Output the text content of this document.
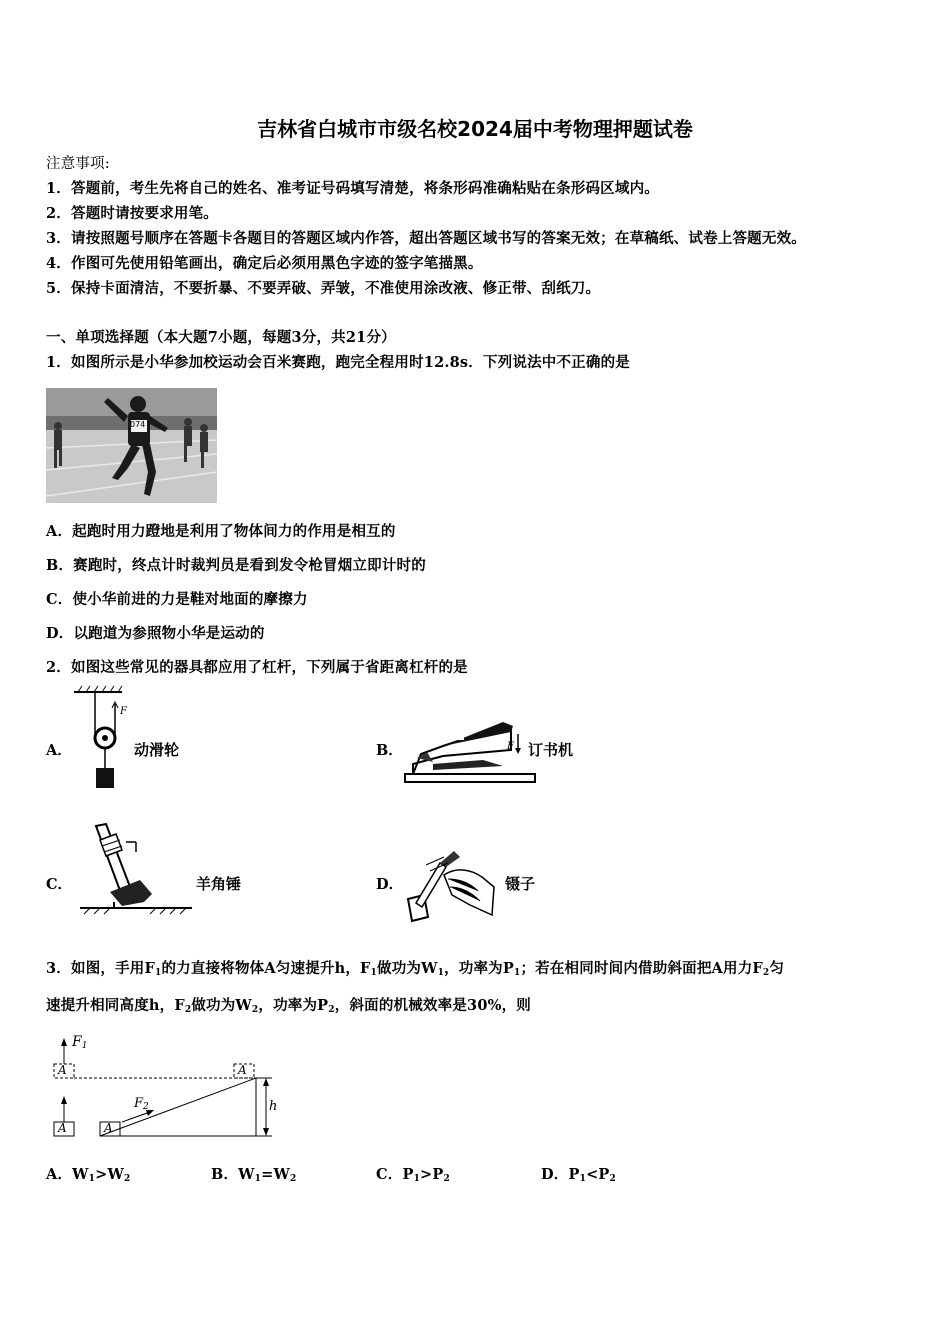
吉林省白城市市级名校2024届中考物理押题试卷
注意事项:
1．答题前，考生先将自己的姓名、准考证号码填写清楚，将条形码准确粘贴在条形码区域内。
2．答题时请按要求用笔。
3．请按照题号顺序在答题卡各题目的答题区域内作答，超出答题区域书写的答案无效；在草稿纸、试卷上答题无效。
4．作图可先使用铅笔画出，确定后必须用黑色字迹的签字笔描黑。
5．保持卡面清洁，不要折暴、不要弄破、弄皱，不准使用涂改液、修正带、刮纸刀。
一、单项选择题（本大题7小题，每题3分，共21分）
1．如图所示是小华参加校运动会百米赛跑，跑完全程用时12.8s．下列说法中不正确的是
074
A．起跑时用力蹬地是利用了物体间力的作用是相互的
B．赛跑时，终点计时裁判员是看到发令枪冒烟立即计时的
C．使小华前进的力是鞋对地面的摩擦力
D．以跑道为参照物小华是运动的
2．如图这些常见的器具都应用了杠杆，下列属于省距离杠杆的是
A．
F
动滑轮	B．	F 订书机
C．	羊角锤	D．	镊子
3．如图，手用$F_1$的力直接将物体A匀速提升h，$F_1$做功为$W_1$，功率为$P_1$；若在相同时间内借助斜面把A用力$F_2$匀
速提升相同高度h，$F_2$做功为$W_2$，功率为$P_2$，斜面的机械效率是30%，则
$F_1$
$F_2$
A
A	A
A
h
A．$W_1>W_2$	B．$W_1=W_2$	C．$P_1>P_2$	D．$P_1<P_2$
